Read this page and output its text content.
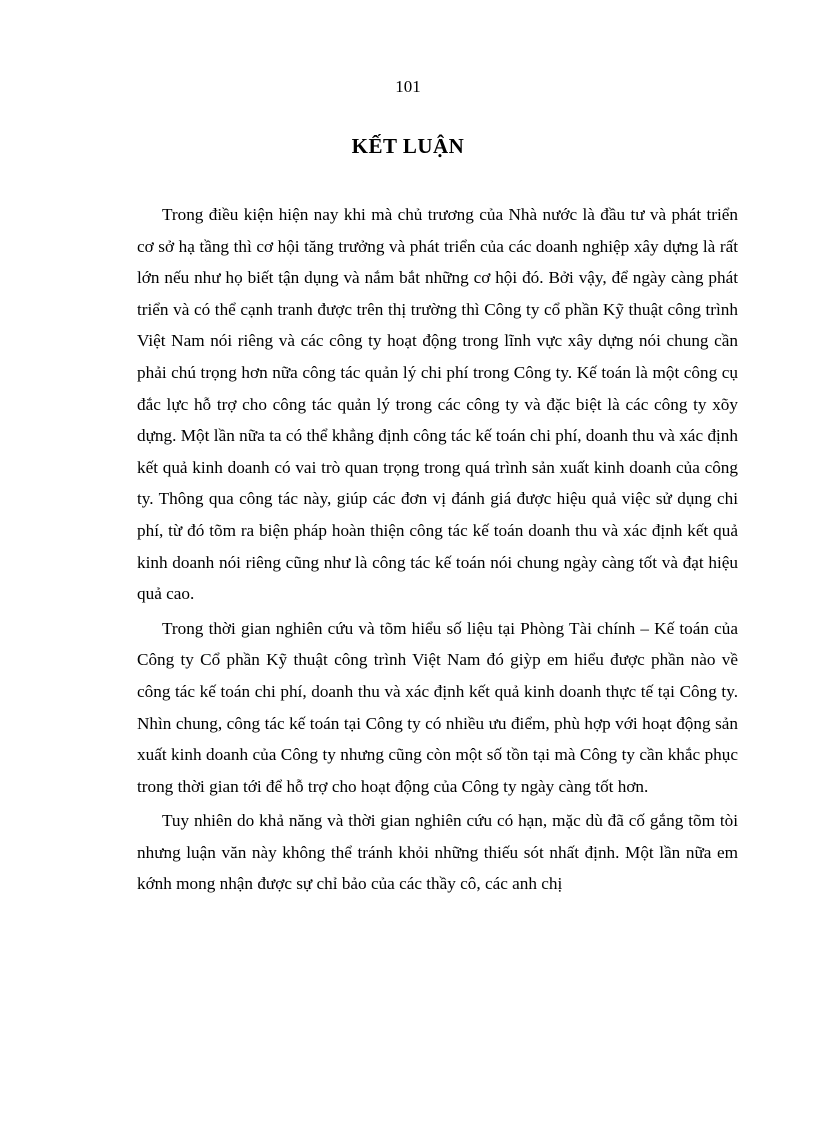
101
KẾT LUẬN

Trong điều kiện hiện nay khi mà chủ trương của Nhà nước là đầu tư và phát triển cơ sở hạ tầng thì cơ hội tăng trưởng và phát triển của các doanh nghiệp xây dựng là rất lớn nếu như họ biết tận dụng và nắm bắt những cơ hội đó. Bởi vậy, để ngày càng phát triển và có thể cạnh tranh được trên thị trường thì Công ty cổ phần Kỹ thuật công trình Việt Nam nói riêng và các công ty hoạt động trong lĩnh vực xây dựng nói chung cần phải chú trọng hơn nữa công tác quản lý chi phí trong Công ty. Kế toán là một công cụ đắc lực hỗ trợ cho công tác quản lý trong các công ty và đặc biệt là các công ty xõy dựng. Một lần nữa ta có thể khẳng định công tác kế toán chi phí, doanh thu và xác định kết quả kinh doanh có vai trò quan trọng trong quá trình sản xuất kinh doanh của công ty. Thông qua công tác này, giúp các đơn vị đánh giá được hiệu quả việc sử dụng chi phí, từ đó tõm ra biện pháp hoàn thiện công tác kế toán doanh thu và xác định kết quả kinh doanh nói riêng cũng như là công tác kế toán nói chung ngày càng tốt và đạt hiệu quả cao.

Trong thời gian nghiên cứu và tõm hiểu số liệu tại Phòng Tài chính – Kế toán của Công ty Cổ phần Kỹ thuật công trình Việt Nam đó giỳp em hiểu được phần nào về công tác kế toán chi phí, doanh thu và xác định kết quả kinh doanh thực tế tại Công ty. Nhìn chung, công tác kế toán tại Công ty có nhiều ưu điểm, phù hợp với hoạt động sản xuất kinh doanh của Công ty nhưng cũng còn một số tồn tại mà Công ty cần khắc phục trong thời gian tới để hỗ trợ cho hoạt động của Công ty ngày càng tốt hơn.

Tuy nhiên do khả năng và thời gian nghiên cứu có hạn, mặc dù đã cố gắng tõm tòi nhưng luận văn này không thể tránh khỏi những thiếu sót nhất định. Một lần nữa em kớnh mong nhận được sự chỉ bảo của các thầy cô, các anh chị
